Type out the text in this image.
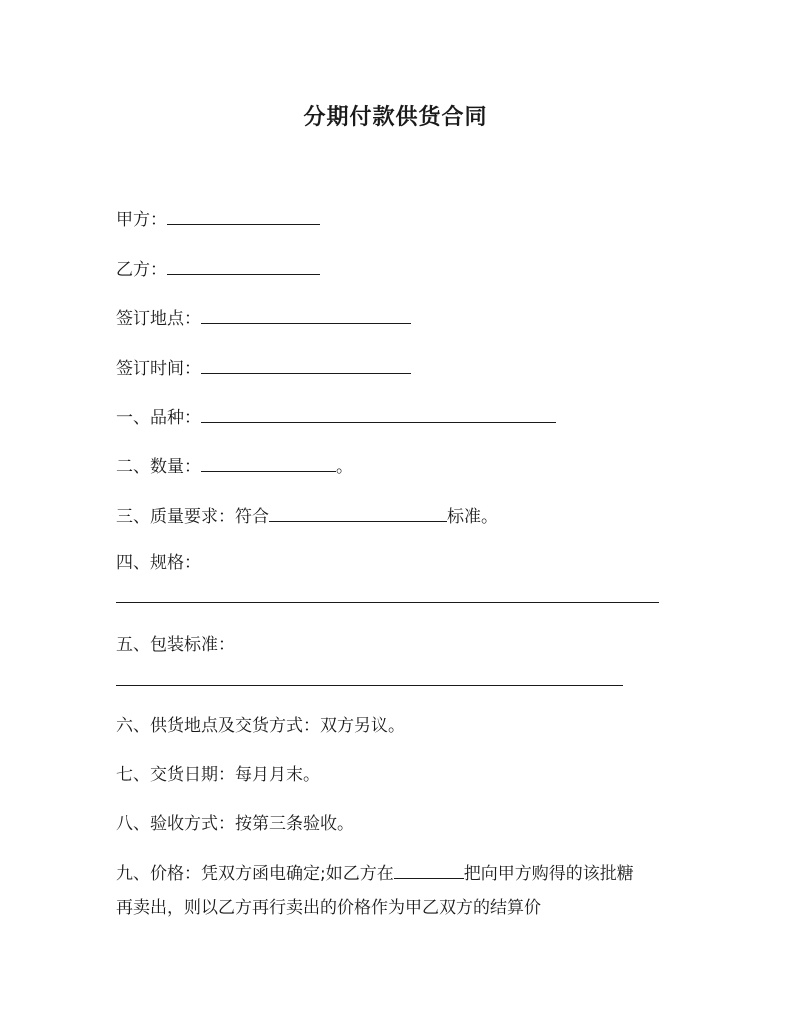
分期付款供货合同
甲方：
乙方：
签订地点：
签订时间：
一、品种：
二、数量：	。
三、质量要求：符合	标准。
四、规格：
五、包装标准：
六、供货地点及交货方式：双方另议。
七、交货日期：每月月末。
八、验收方式：按第三条验收。
九、价格：凭双方函电确定;如乙方在	把向甲方购得的该批糖
再卖出，则以乙方再行卖出的价格作为甲乙双方的结算价
